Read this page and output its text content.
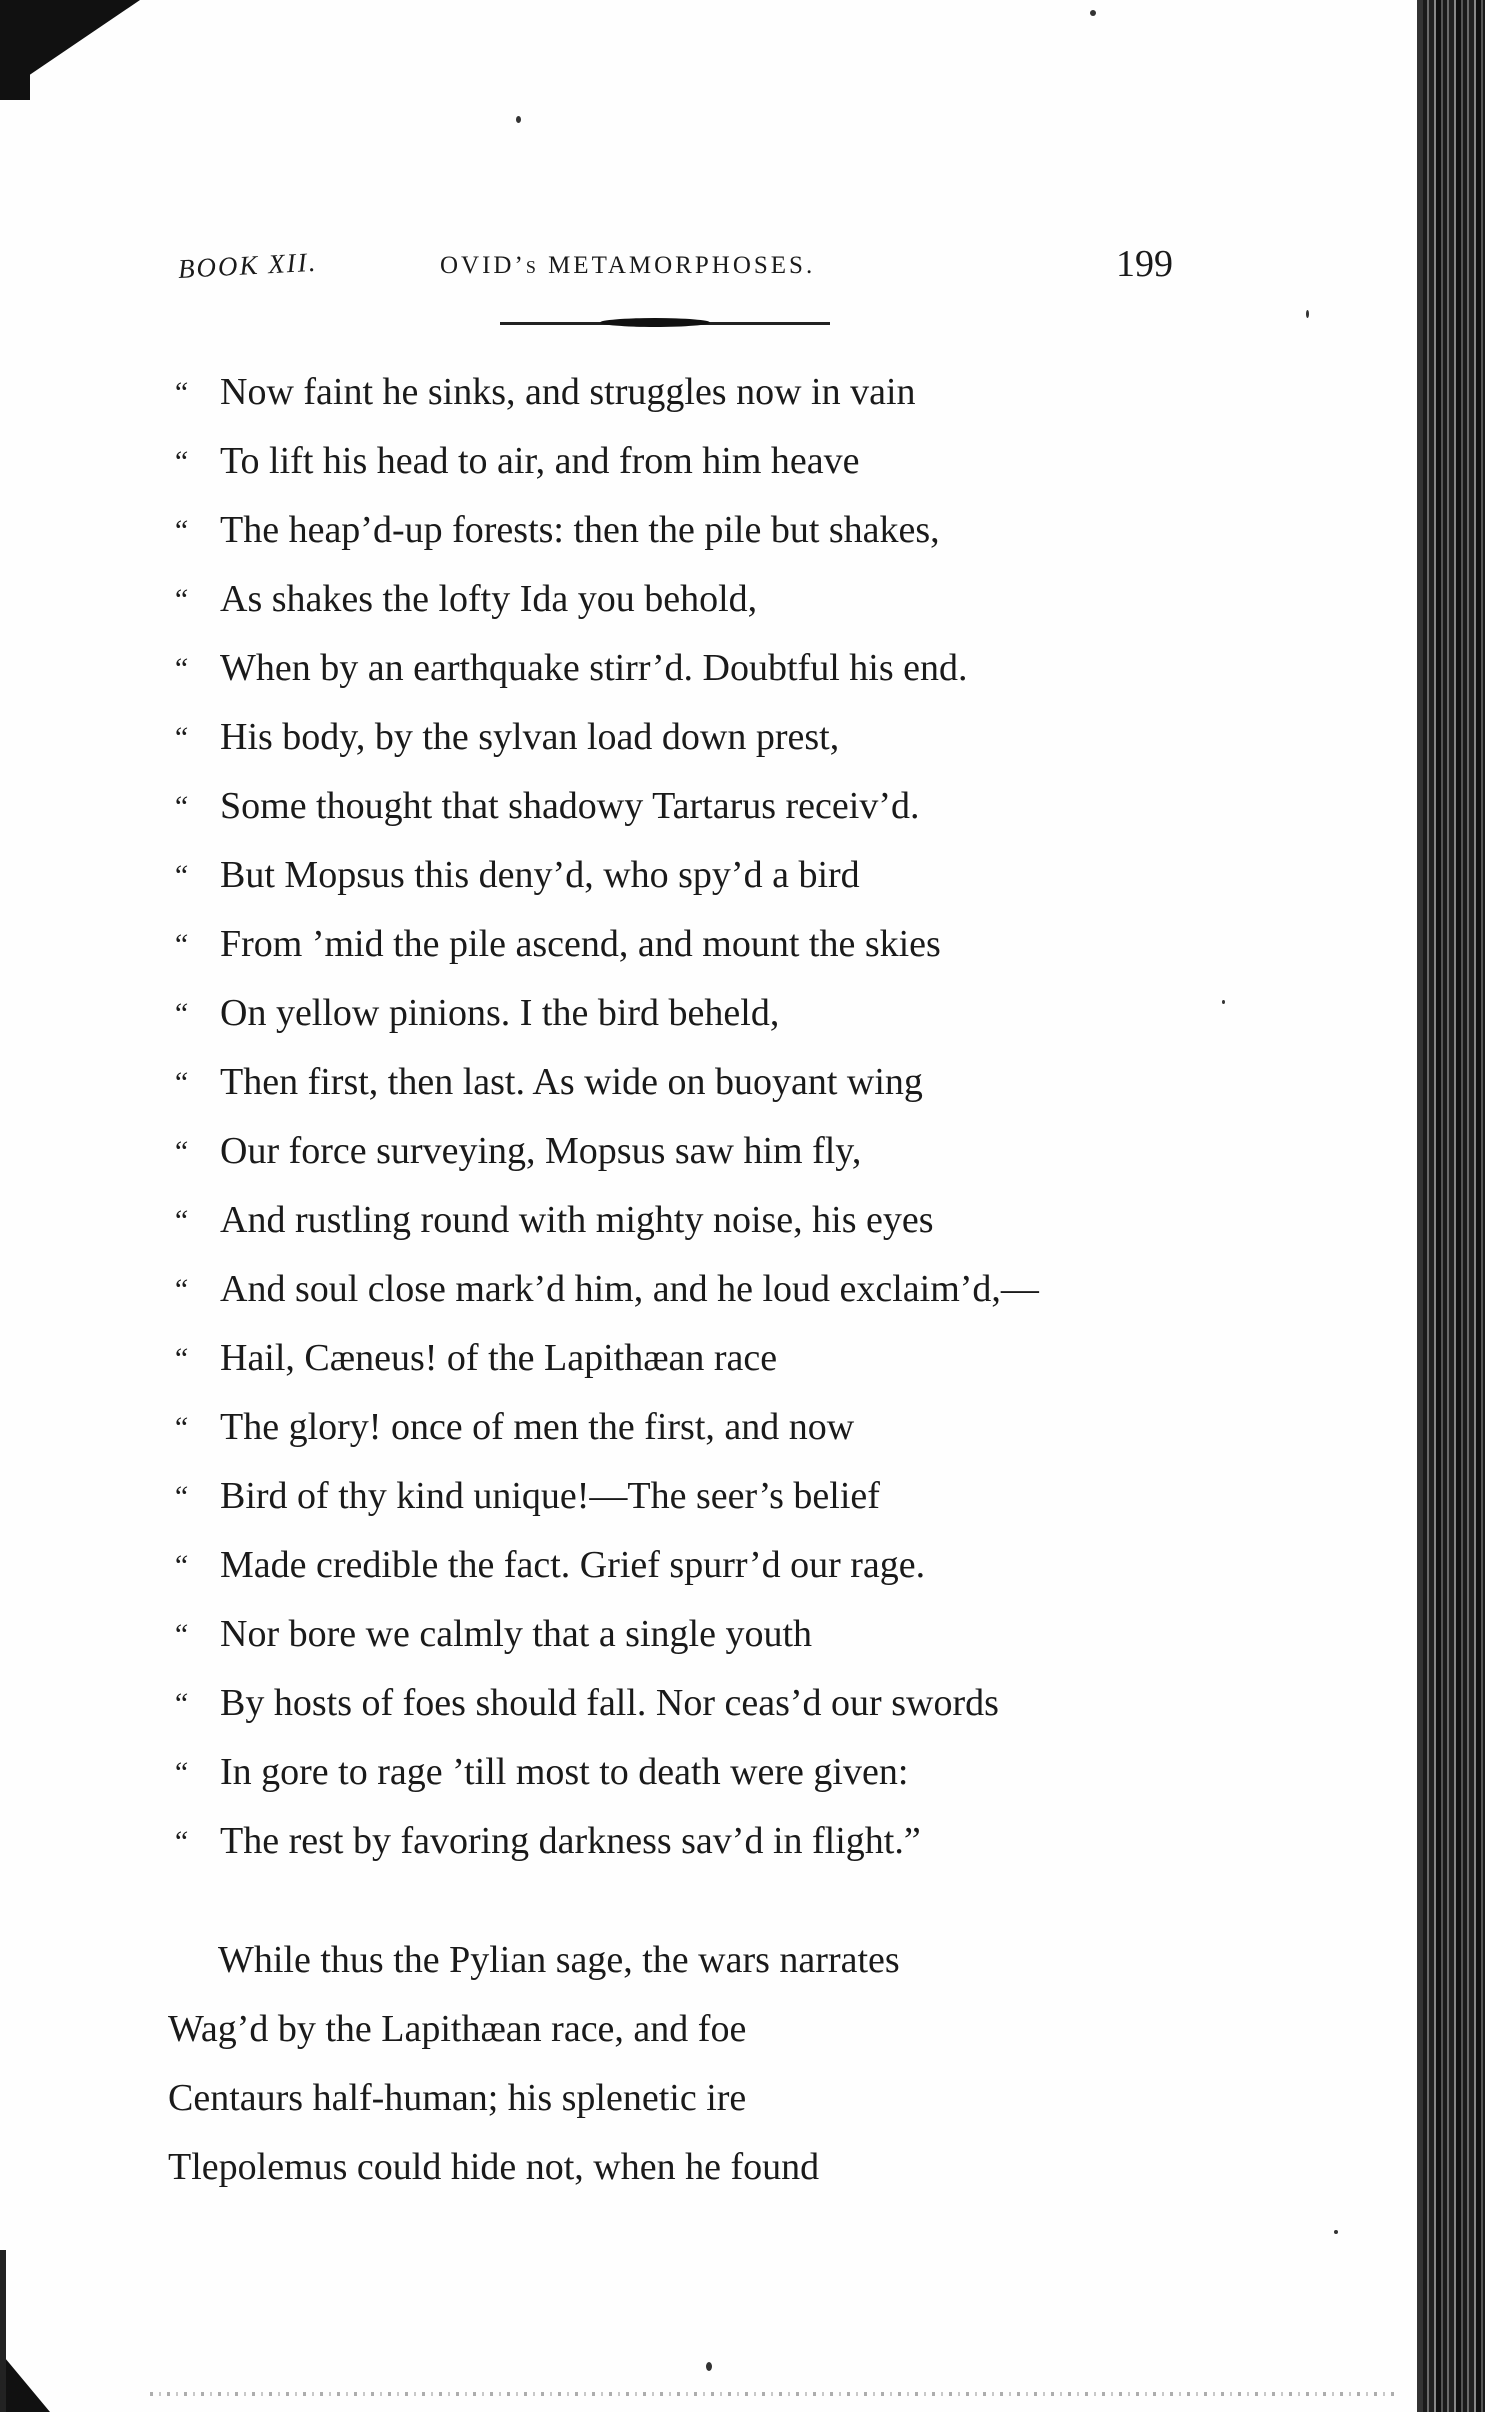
BOOK XII.	OVID’s METAMORPHOSES.	199
“ Now faint he sinks, and struggles now in vain
“ To lift his head to air, and from him heave
“ The heap’d-up forests: then the pile but shakes,
“ As shakes the lofty Ida you behold,
“ When by an earthquake stirr’d. Doubtful his end.
“ His body, by the sylvan load down prest,
“ Some thought that shadowy Tartarus receiv’d.
“ But Mopsus this deny’d, who spy’d a bird
“ From ’mid the pile ascend, and mount the skies
“ On yellow pinions. I the bird beheld,
“ Then first, then last. As wide on buoyant wing
“ Our force surveying, Mopsus saw him fly,
“ And rustling round with mighty noise, his eyes
“ And soul close mark’d him, and he loud exclaim’d,—
“ Hail, Cæneus! of the Lapithæan race
“ The glory! once of men the first, and now
“ Bird of thy kind unique!—The seer’s belief
“ Made credible the fact. Grief spurr’d our rage.
“ Nor bore we calmly that a single youth
“ By hosts of foes should fall. Nor ceas’d our swords
“ In gore to rage ’till most to death were given:
“ The rest by favoring darkness sav’d in flight.”
While thus the Pylian sage, the wars narrates
Wag’d by the Lapithæan race, and foe
Centaurs half-human; his splenetic ire
Tlepolemus could hide not, when he found
